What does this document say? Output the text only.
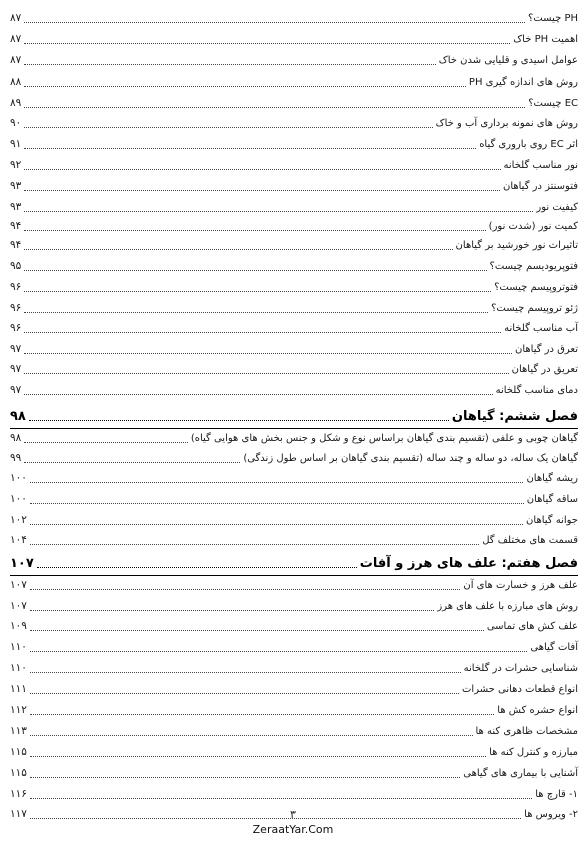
PH چیست؟
۸۷
اهمیت PH خاک
۸۷
عوامل اسیدی و قلیایی شدن خاک
۸۷
روش های اندازه گیری PH
۸۸
EC چیست؟
۸۹
روش های نمونه برداری آب و خاک
۹۰
اثر EC روی باروری گیاه
۹۱
نور مناسب گلخانه
۹۲
فتوسنتز در گیاهان
۹۳
کیفیت نور
۹۳
کمیت نور (شدت نور)
۹۴
تاثیرات نور خورشید بر گیاهان
۹۴
فتوپریودیسم چیست؟
۹۵
فتوتروپیسم چیست؟
۹۶
ژئو تروپیسم چیست؟
۹۶
آب مناسب گلخانه
۹۶
تعرق در گیاهان
۹۷
تعریق در گیاهان
۹۷
دمای مناسب گلخانه
۹۷
فصل ششم: گیاهان
۹۸
گیاهان چوبی و علفی (تقسیم بندی گیاهان براساس نوع و شکل و جنس بخش های هوایی گیاه)
۹۸
گیاهان یک ساله، دو ساله و چند ساله (تقسیم بندی گیاهان بر اساس طول زندگی)
۹۹
ریشه گیاهان
۱۰۰
ساقه گیاهان
۱۰۰
جوانه گیاهان
۱۰۲
قسمت های مختلف گل
۱۰۴
فصل هفتم: علف های هرز و آفات
۱۰۷
علف هرز و خسارت های آن
۱۰۷
روش های مبارزه با علف های هرز
۱۰۷
علف کش های تماسی
۱۰۹
آفات گیاهی
۱۱۰
شناسایی حشرات در گلخانه
۱۱۰
انواع قطعات دهانی حشرات
۱۱۱
انواع حشره کش ها
۱۱۲
مشخصات ظاهری کنه ها
۱۱۳
مبارزه و کنترل کنه ها
۱۱۵
آشنایی با بیماری های گیاهی
۱۱۵
۱- قارچ ها
۱۱۶
۲- ویروس ها
۱۱۷	۳
ZeraatYar.Com
